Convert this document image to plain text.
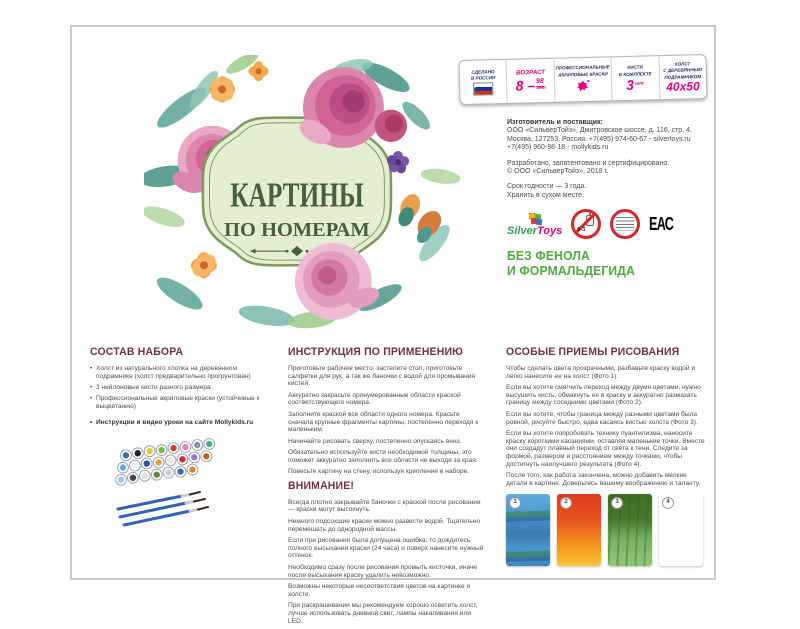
КАРТИНЫ
ПО НОМЕРАМ
СДЕЛАНО
В РОССИИ
ВОЗРАСТ
8 – 98
лет
ПРОФЕССИОНАЛЬНЫЕ
АКРИЛОВЫЕ КРАСКИ
КИСТИ
В КОМПЛЕКТЕ
3 шт.
ХОЛСТ
С ДЕРЕВЯННЫМ
ПОДРАМНИКОМ
40x50
Изготовитель и поставщик:
ООО «СильверТойз», Дмитровское шоссе, д. 116, стр. 4,
Москва, 127253, Россия. +7(495) 974-60-67 - silvertoys.ru
+7(495) 960-98-18 - mollykids.ru
Разработано, запатентовано и сертифицировано.
© ООО «СильверТойз», 2018 г.
Срок годности — 3 года.
Хранить в сухом месте.
SilverToys	0-3	ЕАС
БЕЗ ФЕНОЛА
И ФОРМАЛЬДЕГИДА
СОСТАВ НАБОРА
• Холст из натурального хлопка на деревянном подрамнике (холст предварительно прогрунтован)
• 3 нейлоновые кисти разного размера
• Профессиональные акриловые краски (устойчивые к выцветанию)
• Инструкции и видео уроки на сайте Mollykids.ru
ИНСТРУКЦИЯ ПО ПРИМЕНЕНИЮ

Приготовьте рабочее место: застелите стол, приготовьте салфетки для рук, а так же баночки с водой для промывания кистей.

Аккуратно закрасьте пронумерованные области краской соответствующего номера.

Заполните краской все области одного номера. Красьте сначала крупные фрагменты картины, постепенно переходя к маленьким.

Начинайте рисовать сверху, постепенно опускаясь вниз.

Обязательно используйте кисти необходимой толщины, это поможет аккуратно заполнить все области не выходя за края.

Повесьте картину на стену, используя крепление в наборе.

ВНИМАНИЕ!

Всегда плотно закрывайте баночки с краской после рисования — краски могут высохнуть.

Немного подсохшие краски можно развести водой. Тщательно перемешать до однородной массы.

Если при рисовании была допущена ошибка, то дождитесь полного высыхания краски (24 часа) и поверх нанесите нужный оттенок.

Необходимо сразу после рисования промыть кисточки, иначе после высыхания краску удалить невозможно.

Возможны некоторые несоответствия цветов на картинке и холсте.

При раскрашивании мы рекомендуем хорошо осветить холст, лучше использовать дневной свет, лампы накаливания или LED.

ОСОБЫЕ ПРИЕМЫ РИСОВАНИЯ

Чтобы сделать цвета прозрачными, разбавьте краску водой и легко нанесите ее на холст (Фото 1).

Если вы хотите смягчить переход между двумя цветами, нужно высушить кисть, обмакнуть ее в краску и аккуратно размазать границу между соседними цветами (Фото 2).

Если вы хотите, чтобы граница между разными цветами была ровной, рисуйте быстро, едва касаясь кистью холста (Фото 3).

Если вы хотите попробовать технику пуантилизма, наносите краску короткими касаниями, оставляя маленькие точки. Вместе они создадут плавный переход от света к тени. Следите за формой, размером и расстоянием между точками, чтобы достигнуть наилучшего результата (Фото 4).

После того, как работа закончена, можно добавить мелкие детали в картине. Доверьтесь вашему воображению и таланту.

1	2	3	4
